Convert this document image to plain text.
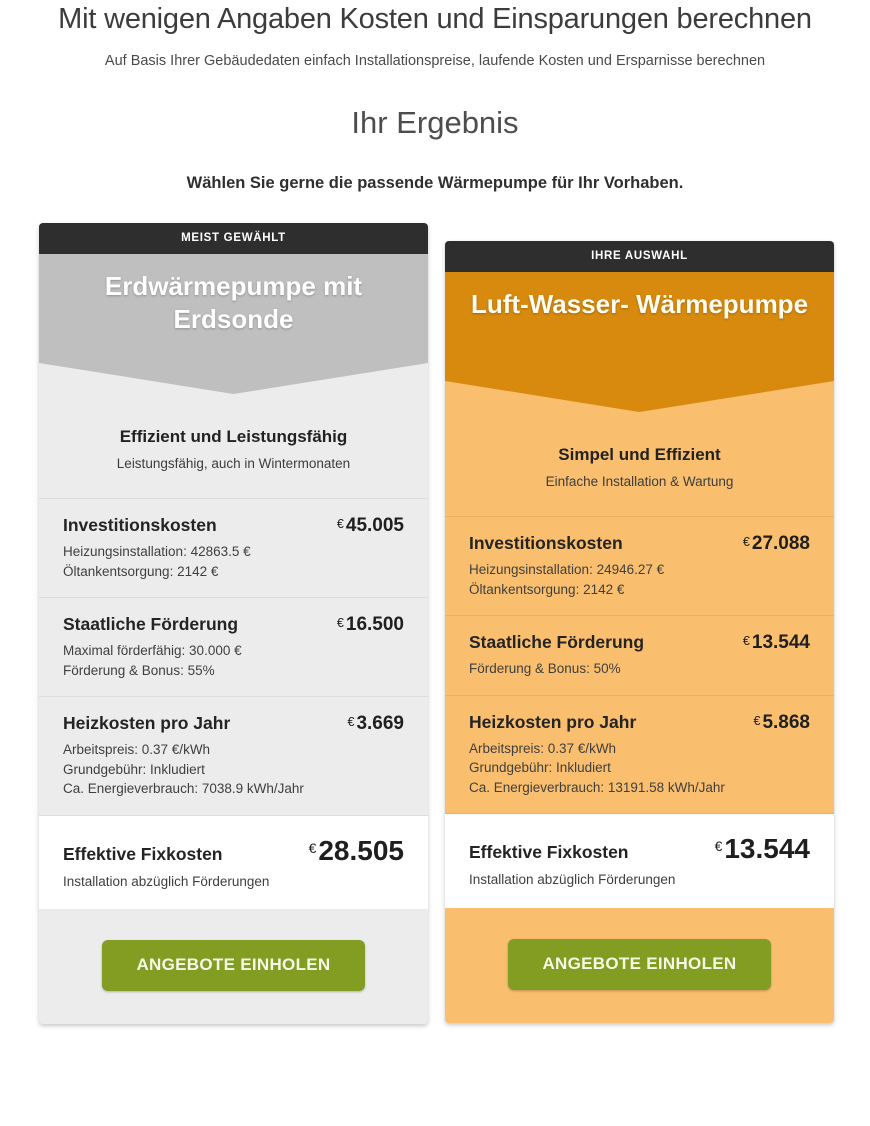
Mit wenigen Angaben Kosten und Einsparungen berechnen

Auf Basis Ihrer Gebäudedaten einfach Installationspreise, laufende Kosten und Ersparnisse berechnen

Ihr Ergebnis

Wählen Sie gerne die passende Wärmepumpe für Ihr Vorhaben.

MEIST GEWÄHLT
Erdwärmepumpe mit Erdsonde

Effizient und Leistungsfähig

Leistungsfähig, auch in Wintermonaten

Investitionskosten	€ 45.005
Heizungsinstallation: 42863.5 €
Öltankentsorgung: 2142 €
Staatliche Förderung	€ 16.500
Maximal förderfähig: 30.000 €
Förderung & Bonus: 55%
Heizkosten pro Jahr	€ 3.669
Arbeitspreis: 0.37 €/kWh
Grundgebühr: Inkludiert
Ca. Energieverbrauch: 7038.9 kWh/Jahr
Effektive Fixkosten	€28.505
Installation abzüglich Förderungen
ANGEBOTE EINHOLEN
IHRE AUSWAHL
Luft-Wasser- Wärmepumpe

Simpel und Effizient

Einfache Installation & Wartung

Investitionskosten	€ 27.088
Heizungsinstallation: 24946.27 €
Öltankentsorgung: 2142 €
Staatliche Förderung	€ 13.544
Förderung & Bonus: 50%
Heizkosten pro Jahr	€ 5.868
Arbeitspreis: 0.37 €/kWh
Grundgebühr: Inkludiert
Ca. Energieverbrauch: 13191.58 kWh/Jahr
Effektive Fixkosten	€13.544
Installation abzüglich Förderungen
ANGEBOTE EINHOLEN
